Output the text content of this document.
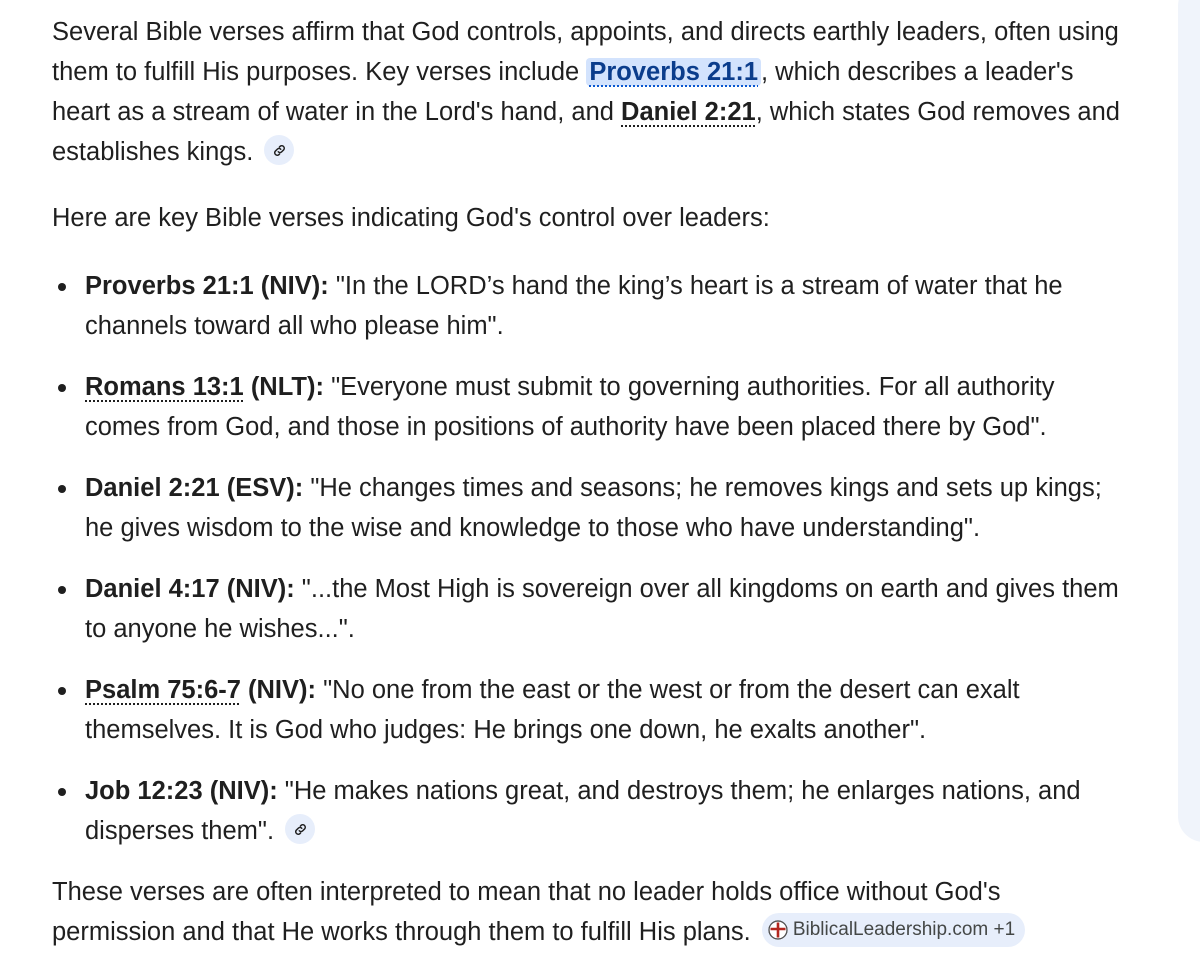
Several Bible verses affirm that God controls, appoints, and directs earthly leaders, often using them to fulfill His purposes. Key verses include Proverbs 21:1 , which describes a leader's heart as a stream of water in the Lord's hand, and Daniel 2:21, which states God removes and establishes kings.

Here are key Bible verses indicating God's control over leaders:

Proverbs 21:1 (NIV): "In the LORD’s hand the king’s heart is a stream of water that he channels toward all who please him".
Romans 13:1 (NLT): "Everyone must submit to governing authorities. For all authority comes from God, and those in positions of authority have been placed there by God".
Daniel 2:21 (ESV): "He changes times and seasons; he removes kings and sets up kings; he gives wisdom to the wise and knowledge to those who have understanding".
Daniel 4:17 (NIV): "...the Most High is sovereign over all kingdoms on earth and gives them to anyone he wishes...".
Psalm 75:6-7 (NIV): "No one from the east or the west or from the desert can exalt themselves. It is God who judges: He brings one down, he exalts another".
Job 12:23 (NIV): "He makes nations great, and destroys them; he enlarges nations, and disperses them".

These verses are often interpreted to mean that no leader holds office without God's permission and that He works through them to fulfill His plans. BiblicalLeadership.com
+1
